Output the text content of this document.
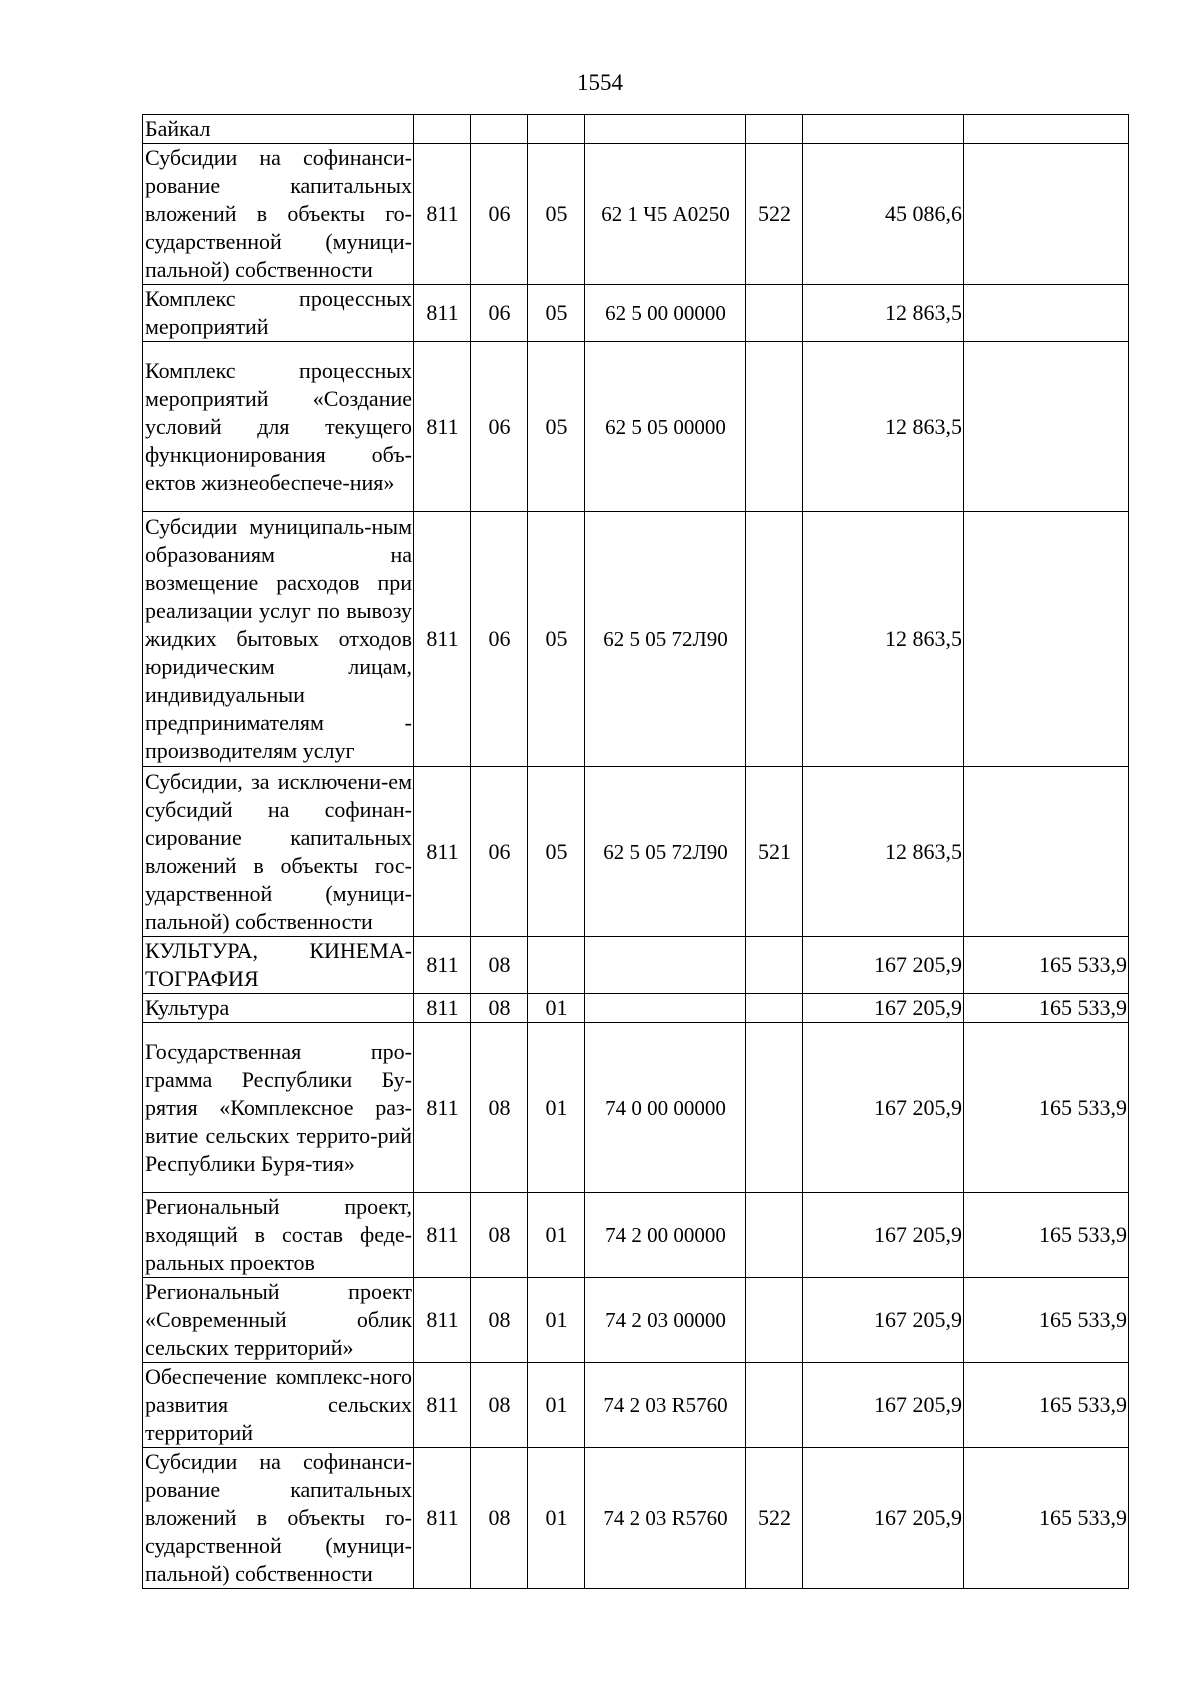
1554
Байкал							
Субсидии на софинанси-рование капитальных вложений в объекты го-сударственной (муници-пальной) собственности	811	06	05	62 1 Ч5 А0250	522	45 086,6	
Комплекс процессных мероприятий	811	06	05	62 5 00 00000		12 863,5	
Комплекс процессных мероприятий «Создание условий для текущего функционирования объ-ектов жизнеобеспече-ния»	811	06	05	62 5 05 00000		12 863,5	
Субсидии муниципаль-ным образованиям на возмещение расходов при реализации услуг по вывозу жидких бытовых отходов юридическим лицам, индивидуальныи предпринимателям - производителям услуг	811	06	05	62 5 05 72Л90		12 863,5	
Субсидии, за исключени-ем субсидий на софинан-сирование капитальных вложений в объекты гос-ударственной (муници-пальной) собственности	811	06	05	62 5 05 72Л90	521	12 863,5	
КУЛЬТУРА, КИНЕМА-ТОГРАФИЯ	811	08				167 205,9	165 533,9
Культура	811	08	01			167 205,9	165 533,9
Государственная про-грамма Республики Бу-рятия «Комплексное раз-витие сельских террито-рий Республики Буря-тия»	811	08	01	74 0 00 00000		167 205,9	165 533,9
Региональный проект, входящий в состав феде-ральных проектов	811	08	01	74 2 00 00000		167 205,9	165 533,9
Региональный проект «Современный облик сельских территорий»	811	08	01	74 2 03 00000		167 205,9	165 533,9
Обеспечение комплекс-ного развития сельских территорий	811	08	01	74 2 03 R5760		167 205,9	165 533,9
Субсидии на софинанси-рование капитальных вложений в объекты го-сударственной (муници-пальной) собственности	811	08	01	74 2 03 R5760	522	167 205,9	165 533,9
